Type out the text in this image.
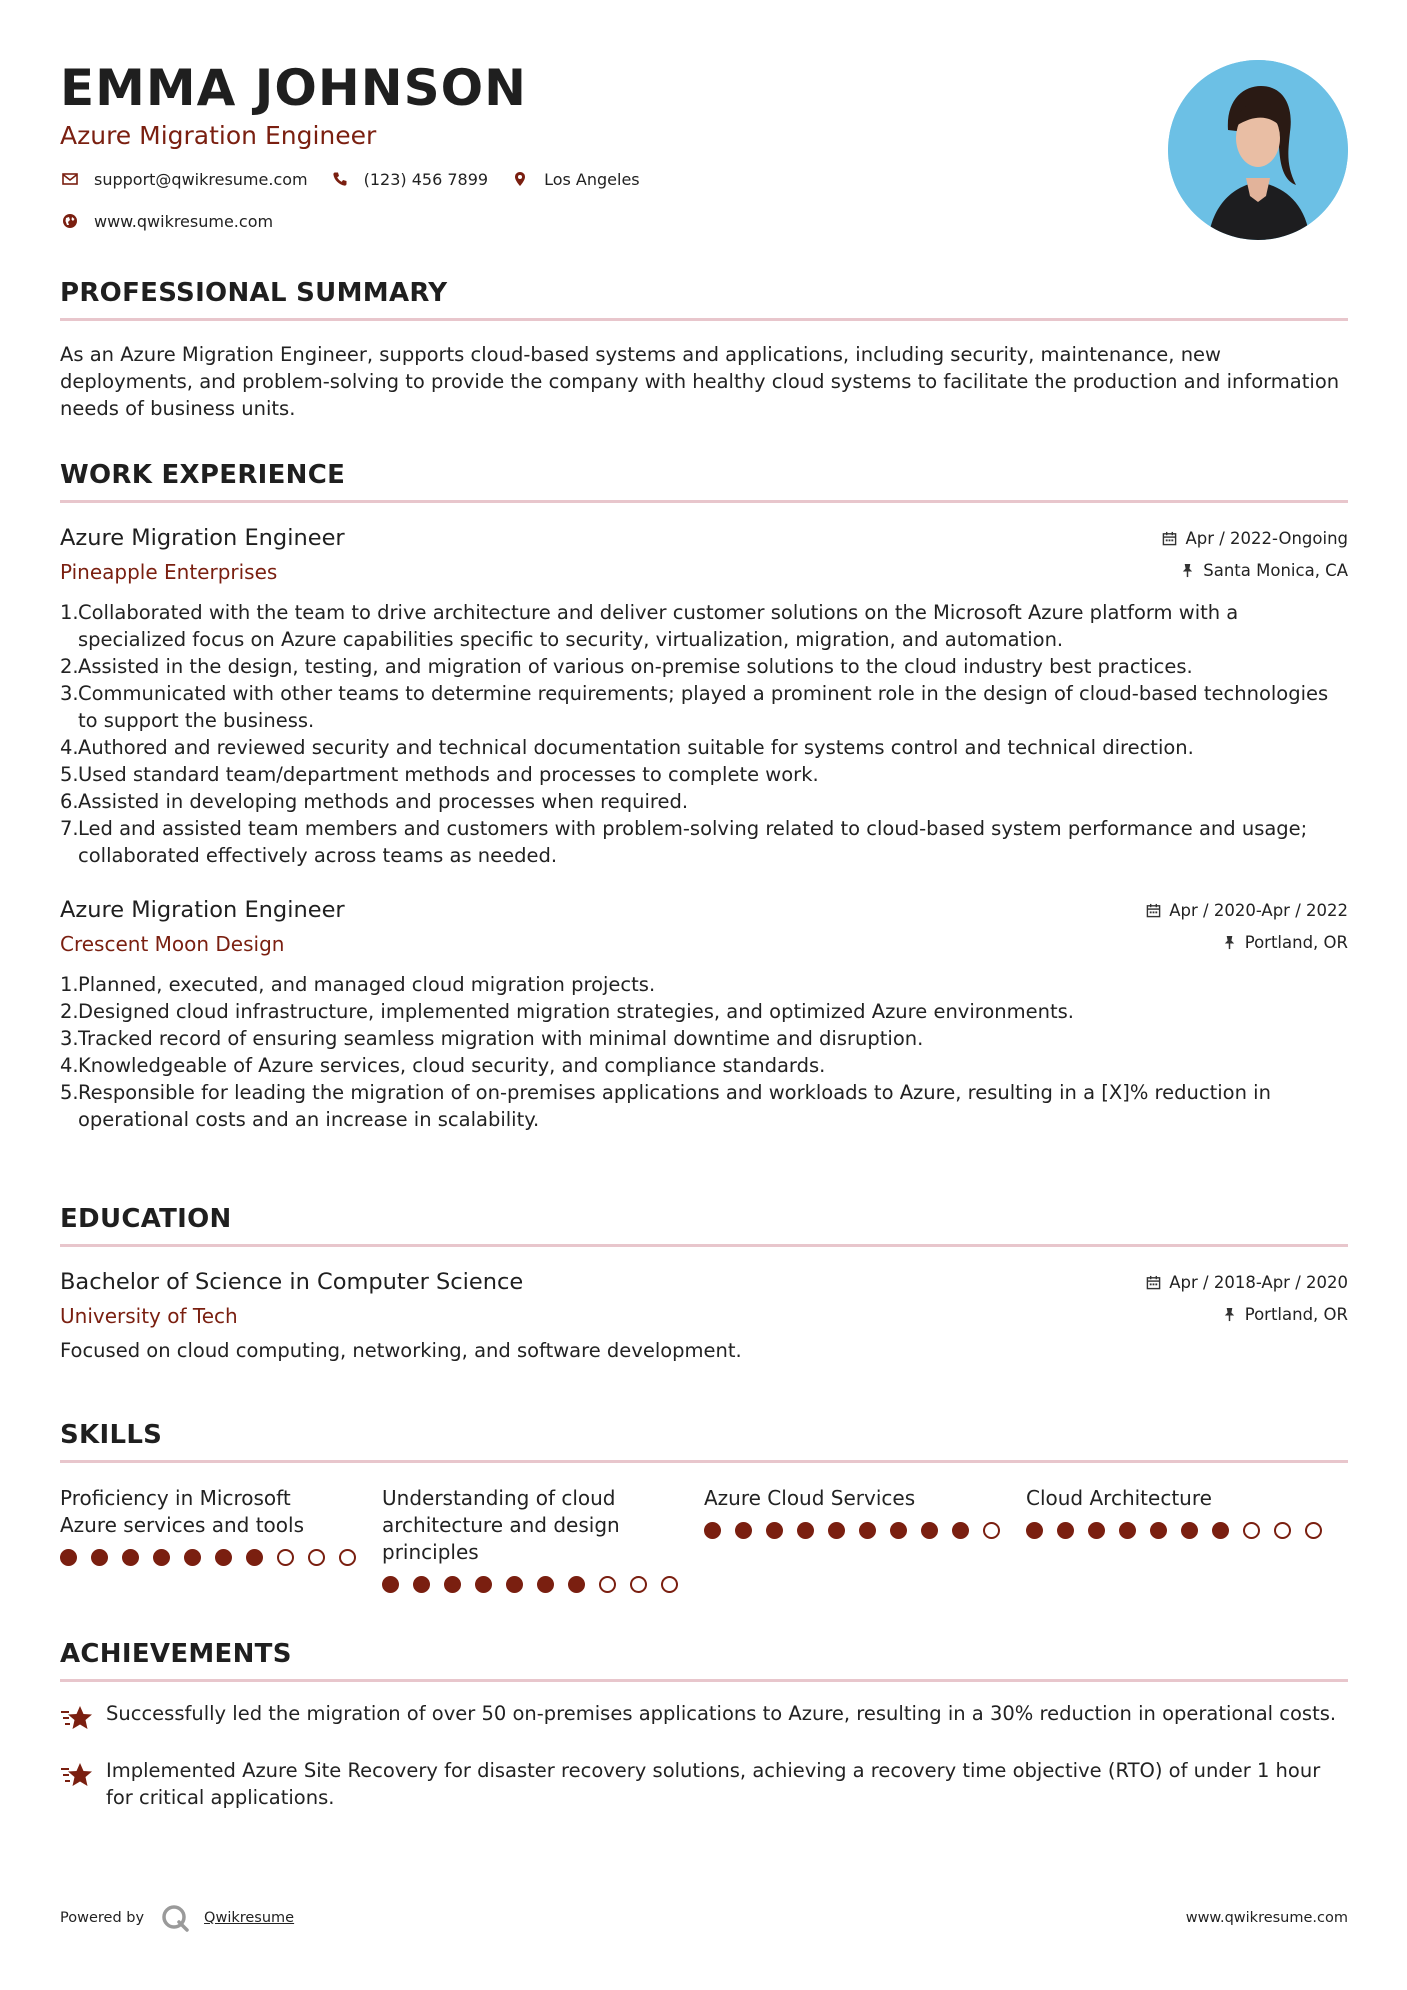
EMMA JOHNSON
Azure Migration Engineer
support@qwikresume.com	(123) 456 7899	Los Angeles
www.qwikresume.com
PROFESSIONAL SUMMARY
As an Azure Migration Engineer, supports cloud-based systems and applications, including security, maintenance, new deployments, and problem-solving to provide the company with healthy cloud systems to facilitate the production and information needs of business units.
WORK EXPERIENCE
Azure Migration Engineer
Pineapple Enterprises
Apr / 2022-Ongoing
Santa Monica, CA
Collaborated with the team to drive architecture and deliver customer solutions on the Microsoft Azure platform with a specialized focus on Azure capabilities specific to security, virtualization, migration, and automation.
Assisted in the design, testing, and migration of various on-premise solutions to the cloud industry best practices.
Communicated with other teams to determine requirements; played a prominent role in the design of cloud-based technologies to support the business.
Authored and reviewed security and technical documentation suitable for systems control and technical direction.
Used standard team/department methods and processes to complete work.
Assisted in developing methods and processes when required.
Led and assisted team members and customers with problem-solving related to cloud-based system performance and usage; collaborated effectively across teams as needed.
Azure Migration Engineer
Crescent Moon Design
Apr / 2020-Apr / 2022
Portland, OR
Planned, executed, and managed cloud migration projects.
Designed cloud infrastructure, implemented migration strategies, and optimized Azure environments.
Tracked record of ensuring seamless migration with minimal downtime and disruption.
Knowledgeable of Azure services, cloud security, and compliance standards.
Responsible for leading the migration of on-premises applications and workloads to Azure, resulting in a [X]% reduction in operational costs and an increase in scalability.
EDUCATION
Bachelor of Science in Computer Science
University of Tech
Apr / 2018-Apr / 2020
Portland, OR
Focused on cloud computing, networking, and software development.
SKILLS
Proficiency in Microsoft Azure services and tools
Understanding of cloud architecture and design principles
Azure Cloud Services	Cloud Architecture
ACHIEVEMENTS
Successfully led the migration of over 50 on-premises applications to Azure, resulting in a 30% reduction in operational costs.
Implemented Azure Site Recovery for disaster recovery solutions, achieving a recovery time objective (RTO) of under 1 hour for critical applications.
Powered by	Qwikresume	www.qwikresume.com
